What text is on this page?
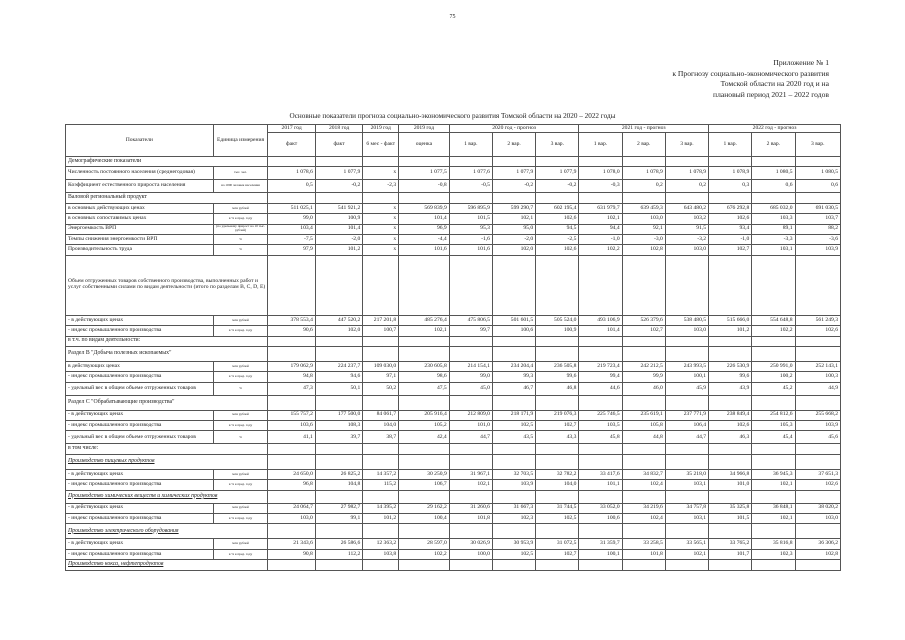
75
Приложение № 1
к Прогнозу социально-экономического развития
Томской области на 2020 год и на
плановый период 2021 – 2022 годов
Основные показатели прогноза социально-экономического развития Томской области на 2020 – 2022 годы
Показатели	Единица измерения	2017 год	2018 год	2019 год	2019 год	2020 год - прогноз			2021 год - прогноз			2022 год - прогноз		
		факт	факт	6 мес - факт	оценка	1 вар.	2 вар.	3 вар.	1 вар.	2 вар.	3 вар.	1 вар.	2 вар.	3 вар.
Демографические показатели														
Численность постоянного населения (среднегодовая)	тыс. чел.	1 078,6	1 077,9	x	1 077,5	1 077,6	1 077,9	1 077,9	1 078,0	1 078,9	1 078,9	1 078,9	1 080,5	1 080,5
Коэффициент естественного прироста населения	на 1000 человек населения	0,5	-0,2	-2,3	-0,8	-0,5	-0,2	-0,2	-0,3	0,2	0,2	0,3	0,6	0,6
Валовой региональный продукт														
в основных действующих ценах	млн рублей	511 025,1	541 921,2	x	569 839,9	596 895,9	599 290,7	602 195,4	631 979,7	639 459,3	643 480,2	676 292,8	685 032,0	691 030,5
в основных сопоставимых ценах	в % к пред. году	99,0	100,9	x	101,4	101,5	102,1	102,6	102,1	103,0	103,2	102,6	103,3	103,7
Энергоемкость ВРП	(по удельному прирост на 10 тыс. рублей)	103,4	101,4	x	96,9	95,3	95,0	94,5	94,4	92,1	91,5	93,4	89,1	88,2
Темпы снижения энергоемкости ВРП	%	-7,5	-2,0	x	-4,4	-1,6	-2,0	-2,5	-1,0	-3,0	-3,2	-1,0	-3,3	-3,6
Производительность труда	%	97,9	101,2	x	101,6	101,6	102,0	102,6	102,2	102,8	103,0	102,7	103,1	103,9
Объем отгруженных товаров собственного производства, выполненных работ и услуг собственными силами по видам деятельности (итого по разделам B, C, D, E)														
- в действующих ценах	млн рублей	378 553,4	447 520,2	217 201,8	485 276,4	475 806,5	501 601,5	505 524,0	493 106,9	526 379,6	538 480,5	515 666,0	554 648,8	561 249,3
- индекс промышленного производства	в % к пред. году	90,6	102,0	100,7	102,1	99,7	100,6	100,9	101,4	102,7	103,0	101,2	102,2	102,6
в т.ч. по видам деятельности:														
Раздел В "Добыча полезных ископаемых"														
в действующих ценах	млн рублей	179 062,9	224 237,7	109 030,0	230 605,8	214 154,1	234 204,4	236 505,8	219 723,4	242 212,5	243 993,5	226 530,9	250 991,0	252 143,1
- индекс промышленного производства	в % к пред. году	94,8	94,6	97,1	98,6	99,0	99,3	99,6	99,4	99,9	100,1	99,6	100,2	100,3
- удельный вес в общем объеме отгруженных товаров	%	47,3	50,1	50,2	47,5	45,0	46,7	46,8	44,6	46,0	45,9	43,9	45,2	44,9
Раздел С "Обрабатывающие производства"														
- в действующих ценах	млн рублей	155 757,2	177 500,0	84 061,7	205 916,4	212 809,0	218 171,9	219 076,3	225 746,5	235 619,1	237 771,9	238 849,4	254 812,6	255 668,2
- индекс промышленного производства	в % к пред. году	103,6	108,3	104,0	105,2	101,0	102,5	102,7	103,5	105,8	106,4	102,6	105,3	103,9
- удельный вес в общем объеме отгруженных товаров	%	41,1	39,7	38,7	42,4	44,7	43,5	43,3	45,8	44,8	44,7	46,3	45,4	45,6
в том числе:														
Производство пищевых продуктов														
- в действующих ценах	млн рублей	24 650,0	26 825,2	14 357,2	30 250,9	31 967,1	32 703,5	32 782,2	33 417,6	34 832,7	35 218,0	34 966,8	36 945,3	37 651,3
- индекс промышленного производства	в % к пред. году	96,8	104,8	115,2	106,7	102,1	103,9	104,0	101,1	102,4	103,1	101,0	102,1	102,6
Производство химических веществ и химических продуктов														
- в действующих ценах	млн рублей	24 064,7	27 982,7	14 395,2	29 162,2	31 260,6	31 667,3	31 744,5	33 052,0	34 219,6	34 757,8	35 325,8	36 848,1	38 020,2
- индекс промышленного производства	в % к пред. году	103,0	99,1	101,2	100,4	101,8	102,3	102,5	100,6	102,4	103,1	101,5	102,1	103,0
Производство электрического оборудования														
- в действующих ценах	млн рублей	21 343,6	26 586,6	12 363,2	28 597,0	30 026,9	30 953,9	31 072,5	31 359,7	33 258,5	33 565,1	33 765,2	35 816,8	36 306,2
- индекс промышленного производства	в % к пред. году	90,8	112,2	103,8	102,2	100,0	102,5	102,7	100,1	101,8	102,1	101,7	102,3	102,8
Производство кокса, нефтепродуктов														
